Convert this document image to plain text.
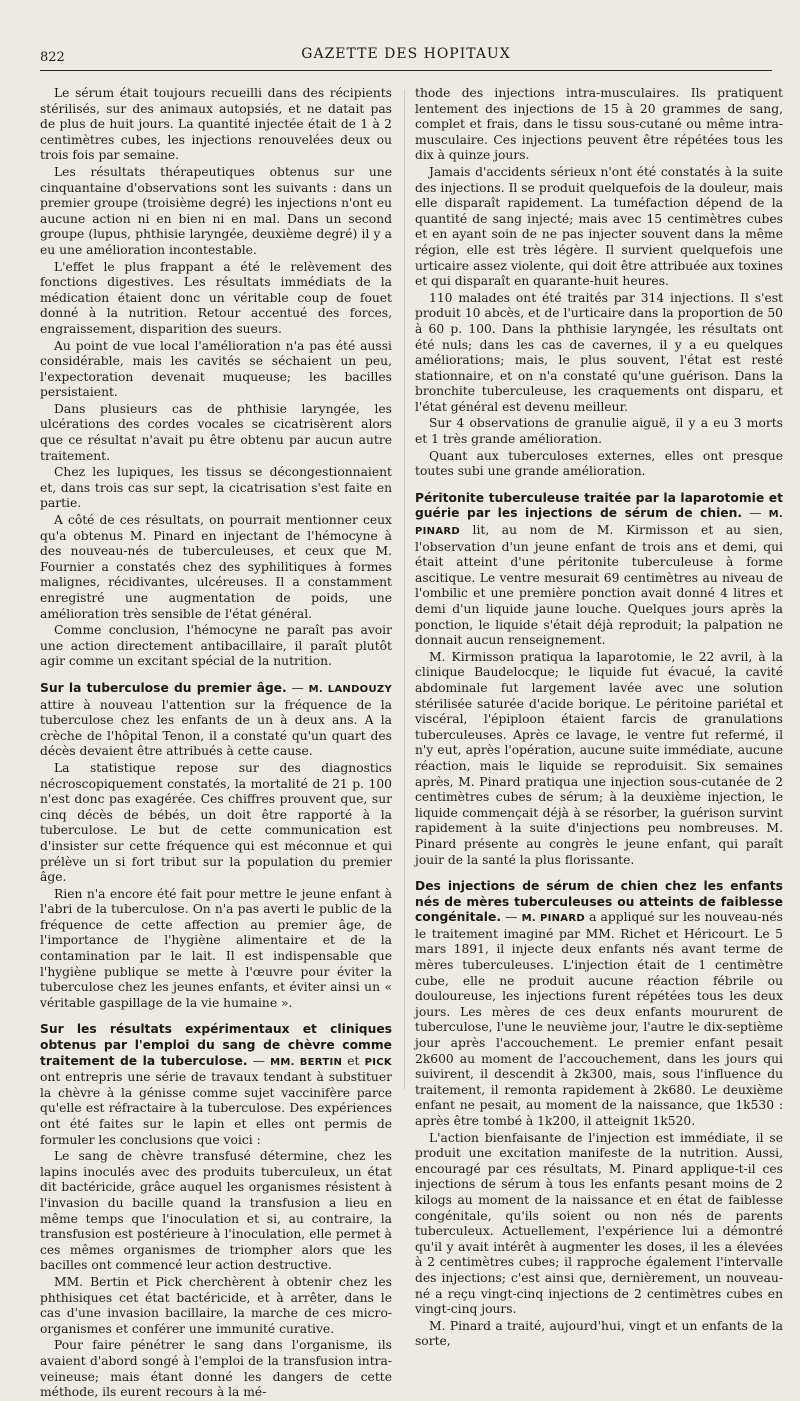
822	GAZETTE DES HOPITAUX

Le sérum était toujours recueilli dans des récipients stérilisés, sur des animaux autopsiés, et ne datait pas de plus de huit jours. La quantité injectée était de 1 à 2 centimètres cubes, les injections renouvelées deux ou trois fois par semaine.

Les résultats thérapeutiques obtenus sur une cinquantaine d'observations sont les suivants : dans un premier groupe (troisième degré) les injections n'ont eu aucune action ni en bien ni en mal. Dans un second groupe (lupus, phthisie laryngée, deuxième degré) il y a eu une amélioration incontestable.

L'effet le plus frappant a été le relèvement des fonctions digestives. Les résultats immédiats de la médication étaient donc un véritable coup de fouet donné à la nutrition. Retour accentué des forces, engraissement, disparition des sueurs.

Au point de vue local l'amélioration n'a pas été aussi considérable, mais les cavités se séchaient un peu, l'expectoration devenait muqueuse; les bacilles persistaient.

Dans plusieurs cas de phthisie laryngée, les ulcérations des cordes vocales se cicatrisèrent alors que ce résultat n'avait pu être obtenu par aucun autre traitement.

Chez les lupiques, les tissus se décongestionnaient et, dans trois cas sur sept, la cicatrisation s'est faite en partie.

A côté de ces résultats, on pourrait mentionner ceux qu'a obtenus M. Pinard en injectant de l'hémocyne à des nouveau-nés de tuberculeuses, et ceux que M. Fournier a constatés chez des syphilitiques à formes malignes, récidivantes, ulcéreuses. Il a constamment enregistré une augmentation de poids, une amélioration très sensible de l'état général.

Comme conclusion, l'hémocyne ne paraît pas avoir une action directement antibacillaire, il paraît plutôt agir comme un excitant spécial de la nutrition.

Sur la tuberculose du premier âge. — M. LANDOUZY attire à nouveau l'attention sur la fréquence de la tuberculose chez les enfants de un à deux ans. A la crèche de l'hôpital Tenon, il a constaté qu'un quart des décès devaient être attribués à cette cause.

La statistique repose sur des diagnostics nécroscopiquement constatés, la mortalité de 21 p. 100 n'est donc pas exagérée. Ces chiffres prouvent que, sur cinq décès de bébés, un doit être rapporté à la tuberculose. Le but de cette communication est d'insister sur cette fréquence qui est méconnue et qui prélève un si fort tribut sur la population du premier âge.

Rien n'a encore été fait pour mettre le jeune enfant à l'abri de la tuberculose. On n'a pas averti le public de la fréquence de cette affection au premier âge, de l'importance de l'hygiène alimentaire et de la contamination par le lait. Il est indispensable que l'hygiène publique se mette à l'œuvre pour éviter la tuberculose chez les jeunes enfants, et éviter ainsi un « véritable gaspillage de la vie humaine ».

Sur les résultats expérimentaux et cliniques obtenus par l'emploi du sang de chèvre comme traitement de la tuberculose. — MM. BERTIN et PICK ont entrepris une série de travaux tendant à substituer la chèvre à la génisse comme sujet vaccinifère parce qu'elle est réfractaire à la tuberculose. Des expériences ont été faites sur le lapin et elles ont permis de formuler les conclusions que voici :

Le sang de chèvre transfusé détermine, chez les lapins inoculés avec des produits tuberculeux, un état dit bactéricide, grâce auquel les organismes résistent à l'invasion du bacille quand la transfusion a lieu en même temps que l'inoculation et si, au contraire, la transfusion est postérieure à l'inoculation, elle permet à ces mêmes organismes de triompher alors que les bacilles ont commencé leur action destructive.

MM. Bertin et Pick cherchèrent à obtenir chez les phthisiques cet état bactéricide, et à arrêter, dans le cas d'une invasion bacillaire, la marche de ces micro-organismes et conférer une immunité curative.

Pour faire pénétrer le sang dans l'organisme, ils avaient d'abord songé à l'emploi de la transfusion intra-veineuse; mais étant donné les dangers de cette méthode, ils eurent recours à la mé-

thode des injections intra-musculaires. Ils pratiquent lentement des injections de 15 à 20 grammes de sang, complet et frais, dans le tissu sous-cutané ou même intra-musculaire. Ces injections peuvent être répétées tous les dix à quinze jours.

Jamais d'accidents sérieux n'ont été constatés à la suite des injections. Il se produit quelquefois de la douleur, mais elle disparaît rapidement. La tuméfaction dépend de la quantité de sang injecté; mais avec 15 centimètres cubes et en ayant soin de ne pas injecter souvent dans la même région, elle est très légère. Il survient quelquefois une urticaire assez violente, qui doit être attribuée aux toxines et qui disparaît en quarante-huit heures.

110 malades ont été traités par 314 injections. Il s'est produit 10 abcès, et de l'urticaire dans la proportion de 50 à 60 p. 100. Dans la phthisie laryngée, les résultats ont été nuls; dans les cas de cavernes, il y a eu quelques améliorations; mais, le plus souvent, l'état est resté stationnaire, et on n'a constaté qu'une guérison. Dans la bronchite tuberculeuse, les craquements ont disparu, et l'état général est devenu meilleur.

Sur 4 observations de granulie aiguë, il y a eu 3 morts et 1 très grande amélioration.

Quant aux tuberculoses externes, elles ont presque toutes subi une grande amélioration.

Péritonite tuberculeuse traitée par la laparotomie et guérie par les injections de sérum de chien. — M. PINARD lit, au nom de M. Kirmisson et au sien, l'observation d'un jeune enfant de trois ans et demi, qui était atteint d'une péritonite tuberculeuse à forme ascitique. Le ventre mesurait 69 centimètres au niveau de l'ombilic et une première ponction avait donné 4 litres et demi d'un liquide jaune louche. Quelques jours après la ponction, le liquide s'était déjà reproduit; la palpation ne donnait aucun renseignement.

M. Kirmisson pratiqua la laparotomie, le 22 avril, à la clinique Baudelocque; le liquide fut évacué, la cavité abdominale fut largement lavée avec une solution stérilisée saturée d'acide borique. Le péritoine pariétal et viscéral, l'épiploon étaient farcis de granulations tuberculeuses. Après ce lavage, le ventre fut refermé, il n'y eut, après l'opération, aucune suite immédiate, aucune réaction, mais le liquide se reproduisit. Six semaines après, M. Pinard pratiqua une injection sous-cutanée de 2 centimètres cubes de sérum; à la deuxième injection, le liquide commençait déjà à se résorber, la guérison survint rapidement à la suite d'injections peu nombreuses. M. Pinard présente au congrès le jeune enfant, qui paraît jouir de la santé la plus florissante.

Des injections de sérum de chien chez les enfants nés de mères tuberculeuses ou atteints de faiblesse congénitale. — M. PINARD a appliqué sur les nouveau-nés le traitement imaginé par MM. Richet et Héricourt. Le 5 mars 1891, il injecte deux enfants nés avant terme de mères tuberculeuses. L'injection était de 1 centimètre cube, elle ne produit aucune réaction fébrile ou douloureuse, les injections furent répétées tous les deux jours. Les mères de ces deux enfants moururent de tuberculose, l'une le neuvième jour, l'autre le dix-septième jour après l'accouchement. Le premier enfant pesait 2k600 au moment de l'accouchement, dans les jours qui suivirent, il descendit à 2k300, mais, sous l'influence du traitement, il remonta rapidement à 2k680. Le deuxième enfant ne pesait, au moment de la naissance, que 1k530 : après être tombé à 1k200, il atteignit 1k520.

L'action bienfaisante de l'injection est immédiate, il se produit une excitation manifeste de la nutrition. Aussi, encouragé par ces résultats, M. Pinard applique-t-il ces injections de sérum à tous les enfants pesant moins de 2 kilogs au moment de la naissance et en état de faiblesse congénitale, qu'ils soient ou non nés de parents tuberculeux. Actuellement, l'expérience lui a démontré qu'il y avait intérêt à augmenter les doses, il les a élevées à 2 centimètres cubes; il rapproche également l'intervalle des injections; c'est ainsi que, dernièrement, un nouveau-né a reçu vingt-cinq injections de 2 centimètres cubes en vingt-cinq jours.

M. Pinard a traité, aujourd'hui, vingt et un enfants de la sorte,
